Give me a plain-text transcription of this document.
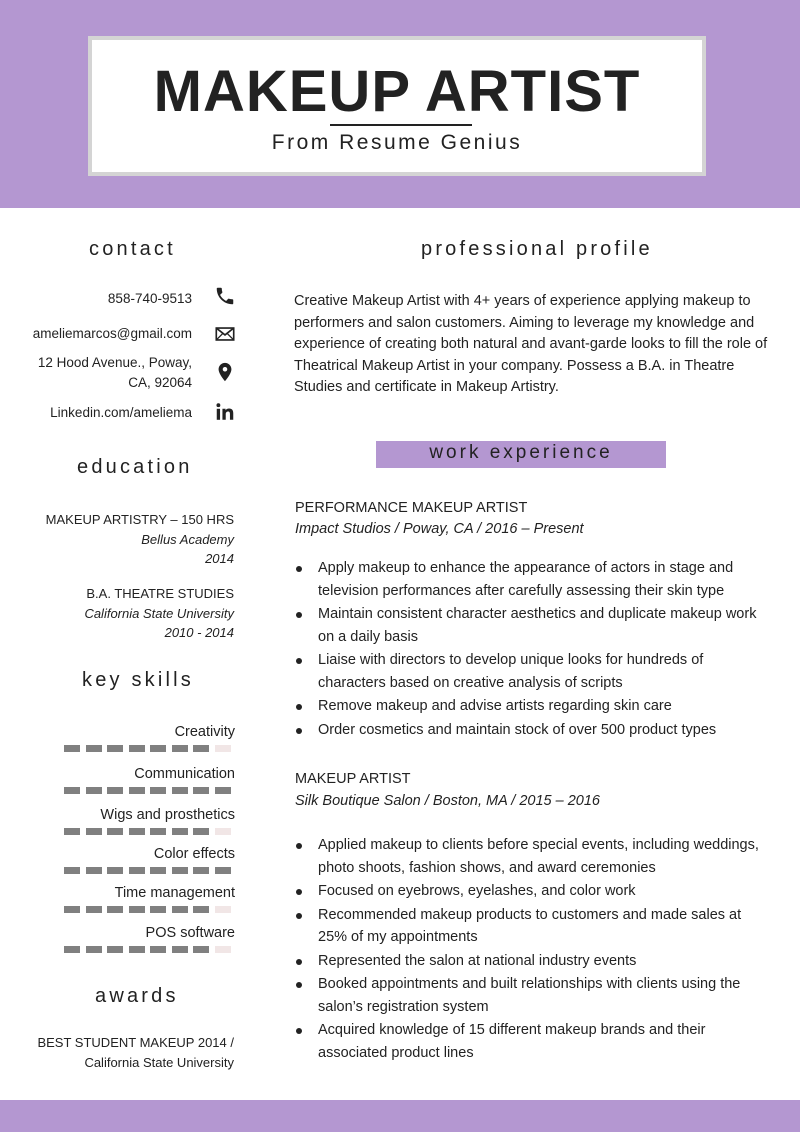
MAKEUP ARTIST
From Resume Genius
contact
858-740-9513
ameliemarcos@gmail.com
12 Hood Avenue., Poway,
CA, 92064
Linkedin.com/ameliema
education
MAKEUP ARTISTRY – 150 HRS
Bellus Academy
2014
B.A. THEATRE STUDIES
California State University
2010 - 2014
key skills
Creativity
Communication
Wigs and prosthetics
Color effects
Time management
POS software
awards
BEST STUDENT MAKEUP 2014 /
California State University
professional profile

Creative Makeup Artist with 4+ years of experience applying makeup to performers and salon customers. Aiming to leverage my knowledge and experience of creating both natural and avant-garde looks to fill the role of Theatrical Makeup Artist in your company. Possess a B.A. in Theatre Studies and certificate in Makeup Artistry.

work experience
PERFORMANCE MAKEUP ARTIST
Impact Studios / Poway, CA / 2016 – Present
Apply makeup to enhance the appearance of actors in stage and television performances after carefully assessing their skin type
Maintain consistent character aesthetics and duplicate makeup work on a daily basis
Liaise with directors to develop unique looks for hundreds of characters based on creative analysis of scripts
Remove makeup and advise artists regarding skin care
Order cosmetics and maintain stock of over 500 product types
MAKEUP ARTIST
Silk Boutique Salon / Boston, MA / 2015 – 2016
Applied makeup to clients before special events, including weddings, photo shoots, fashion shows, and award ceremonies
Focused on eyebrows, eyelashes, and color work
Recommended makeup products to customers and made sales at 25% of my appointments
Represented the salon at national industry events
Booked appointments and built relationships with clients using the salon’s registration system
Acquired knowledge of 15 different makeup brands and their associated product lines
